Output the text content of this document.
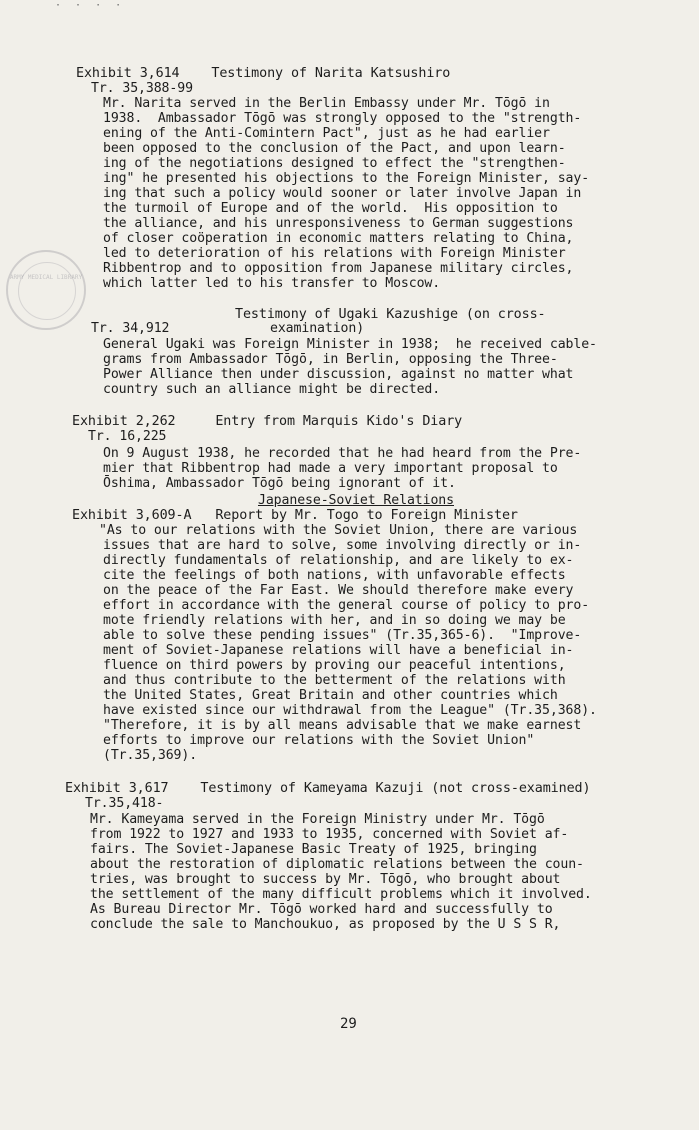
· · · ·
ARMY MEDICAL LIBRARY
Exhibit 3,614    Testimony of Narita Katsushiro
Tr. 35,388-99
Mr. Narita served in the Berlin Embassy under Mr. Tōgō in
1938.  Ambassador Tōgō was strongly opposed to the "strength-
ening of the Anti-Comintern Pact", just as he had earlier
been opposed to the conclusion of the Pact, and upon learn-
ing of the negotiations designed to effect the "strengthen-
ing" he presented his objections to the Foreign Minister, say-
ing that such a policy would sooner or later involve Japan in
the turmoil of Europe and of the world.  His opposition to
the alliance, and his unresponsiveness to German suggestions
of closer coöperation in economic matters relating to China,
led to deterioration of his relations with Foreign Minister
Ribbentrop and to opposition from Japanese military circles,
which latter led to his transfer to Moscow.
Testimony of Ugaki Kazushige (on cross-
Tr. 34,912	examination)
General Ugaki was Foreign Minister in 1938;  he received cable-
grams from Ambassador Tōgō, in Berlin, opposing the Three-
Power Alliance then under discussion, against no matter what
country such an alliance might be directed.
Exhibit 2,262     Entry from Marquis Kido's Diary
Tr. 16,225
On 9 August 1938, he recorded that he had heard from the Pre-
mier that Ribbentrop had made a very important proposal to
Ōshima, Ambassador Tōgō being ignorant of it.
Japanese-Soviet Relations
Exhibit 3,609-A   Report by Mr. Togo to Foreign Minister
"As to our relations with the Soviet Union, there are various
issues that are hard to solve, some involving directly or in-
directly fundamentals of relationship, and are likely to ex-
cite the feelings of both nations, with unfavorable effects
on the peace of the Far East. We should therefore make every
effort in accordance with the general course of policy to pro-
mote friendly relations with her, and in so doing we may be
able to solve these pending issues" (Tr.35,365-6).  "Improve-
ment of Soviet-Japanese relations will have a beneficial in-
fluence on third powers by proving our peaceful intentions,
and thus contribute to the betterment of the relations with
the United States, Great Britain and other countries which
have existed since our withdrawal from the League" (Tr.35,368).
"Therefore, it is by all means advisable that we make earnest
efforts to improve our relations with the Soviet Union"
(Tr.35,369).
Exhibit 3,617    Testimony of Kameyama Kazuji (not cross-examined)
Tr.35,418-
Mr. Kameyama served in the Foreign Ministry under Mr. Tōgō
from 1922 to 1927 and 1933 to 1935, concerned with Soviet af-
fairs. The Soviet-Japanese Basic Treaty of 1925, bringing
about the restoration of diplomatic relations between the coun-
tries, was brought to success by Mr. Tōgō, who brought about
the settlement of the many difficult problems which it involved.
As Bureau Director Mr. Tōgō worked hard and successfully to
conclude the sale to Manchoukuo, as proposed by the U S S R,
29
